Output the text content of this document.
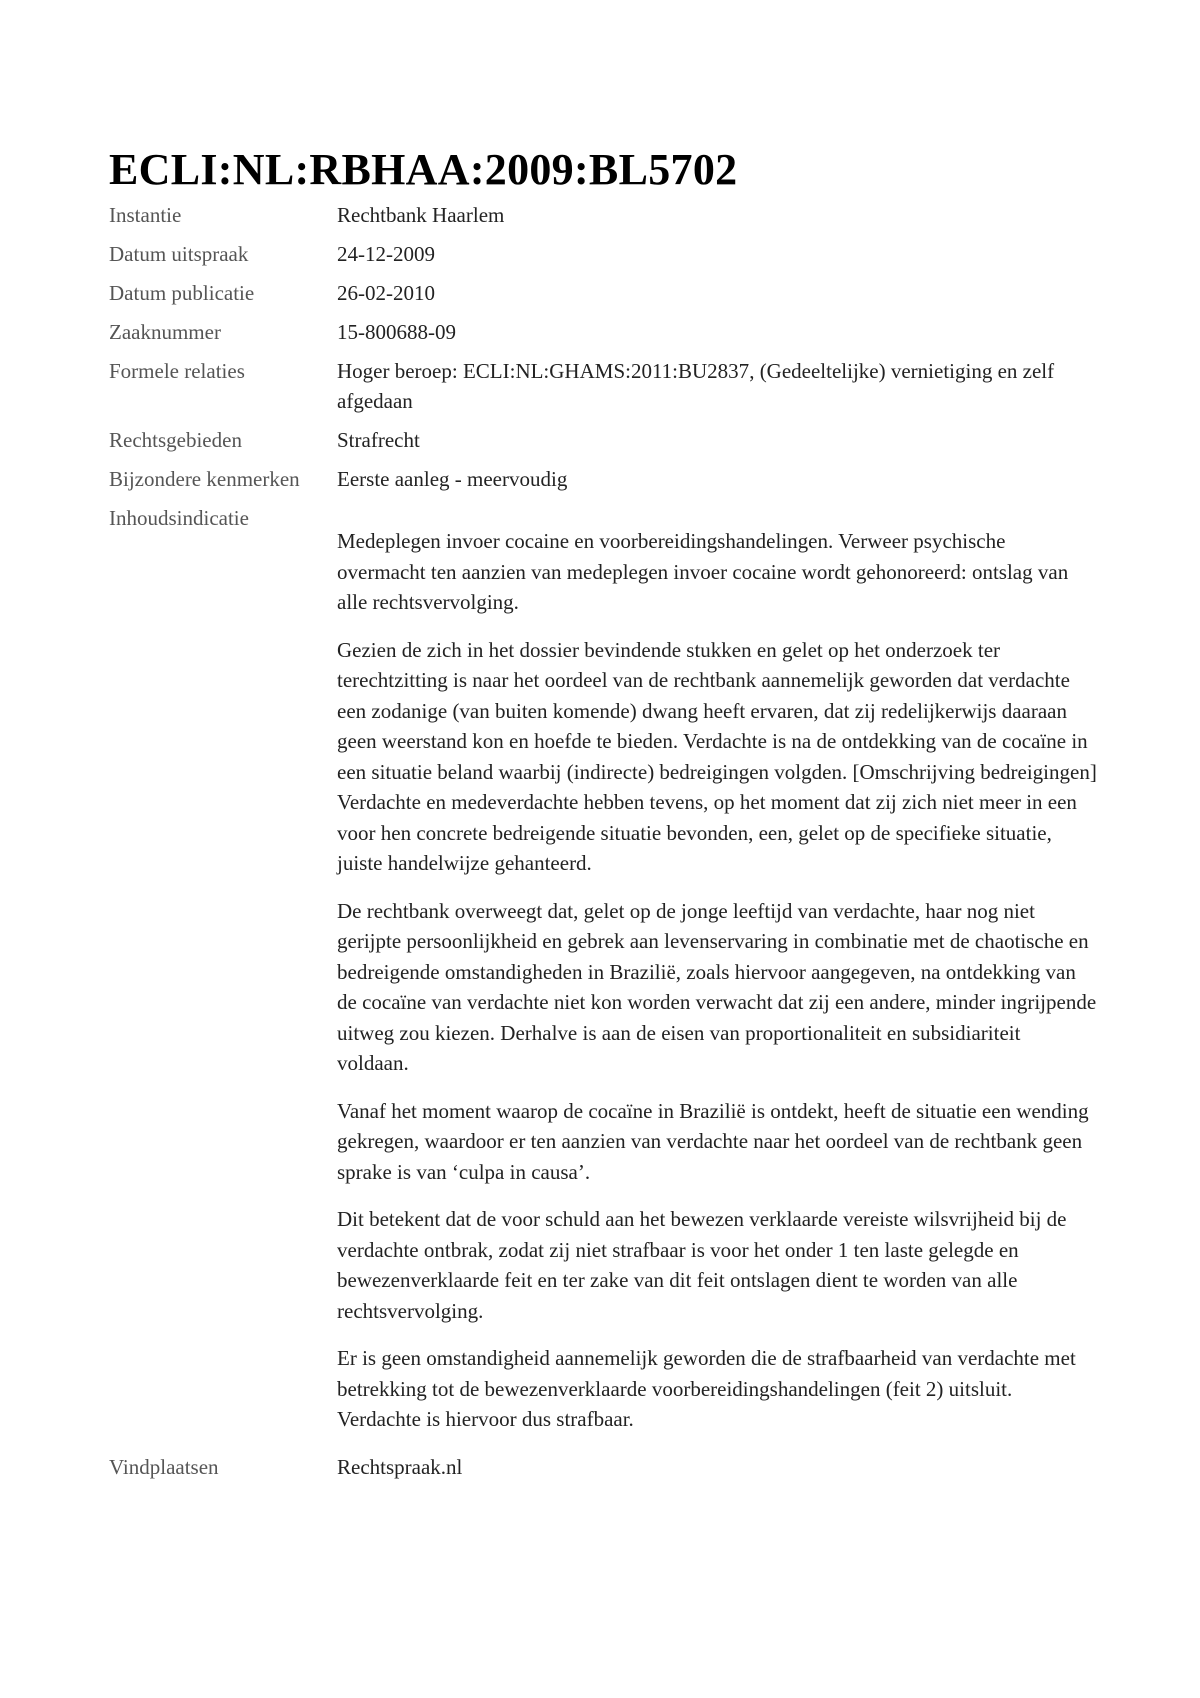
ECLI:NL:RBHAA:2009:BL5702
Instantie	Rechtbank Haarlem
Datum uitspraak	24-12-2009
Datum publicatie	26-02-2010
Zaaknummer	15-800688-09
Formele relaties	Hoger beroep: ECLI:NL:GHAMS:2011:BU2837, (Gedeeltelijke) vernietiging en zelf afgedaan
Rechtsgebieden	Strafrecht
Bijzondere kenmerken	Eerste aanleg - meervoudig
Inhoudsindicatie

Medeplegen invoer cocaine en voorbereidingshandelingen. Verweer psychische overmacht ten aanzien van medeplegen invoer cocaine wordt gehonoreerd: ontslag van alle rechtsvervolging.

Gezien de zich in het dossier bevindende stukken en gelet op het onderzoek ter terechtzitting is naar het oordeel van de rechtbank aannemelijk geworden dat verdachte een zodanige (van buiten komende) dwang heeft ervaren, dat zij redelijkerwijs daaraan geen weerstand kon en hoefde te bieden. Verdachte is na de ontdekking van de cocaïne in een situatie beland waarbij (indirecte) bedreigingen volgden. [Omschrijving bedreigingen] Verdachte en medeverdachte hebben tevens, op het moment dat zij zich niet meer in een voor hen concrete bedreigende situatie bevonden, een, gelet op de specifieke situatie, juiste handelwijze gehanteerd.

De rechtbank overweegt dat, gelet op de jonge leeftijd van verdachte, haar nog niet gerijpte persoonlijkheid en gebrek aan levenservaring in combinatie met de chaotische en bedreigende omstandigheden in Brazilië, zoals hiervoor aangegeven, na ontdekking van de cocaïne van verdachte niet kon worden verwacht dat zij een andere, minder ingrijpende uitweg zou kiezen. Derhalve is aan de eisen van proportionaliteit en subsidiariteit voldaan.

Vanaf het moment waarop de cocaïne in Brazilië is ontdekt, heeft de situatie een wending gekregen, waardoor er ten aanzien van verdachte naar het oordeel van de rechtbank geen sprake is van ‘culpa in causa’.

Dit betekent dat de voor schuld aan het bewezen verklaarde vereiste wilsvrijheid bij de verdachte ontbrak, zodat zij niet strafbaar is voor het onder 1 ten laste gelegde en bewezenverklaarde feit en ter zake van dit feit ontslagen dient te worden van alle rechtsvervolging.

Er is geen omstandigheid aannemelijk geworden die de strafbaarheid van verdachte met betrekking tot de bewezenverklaarde voorbereidingshandelingen (feit 2) uitsluit. Verdachte is hiervoor dus strafbaar.

Vindplaatsen	Rechtspraak.nl
